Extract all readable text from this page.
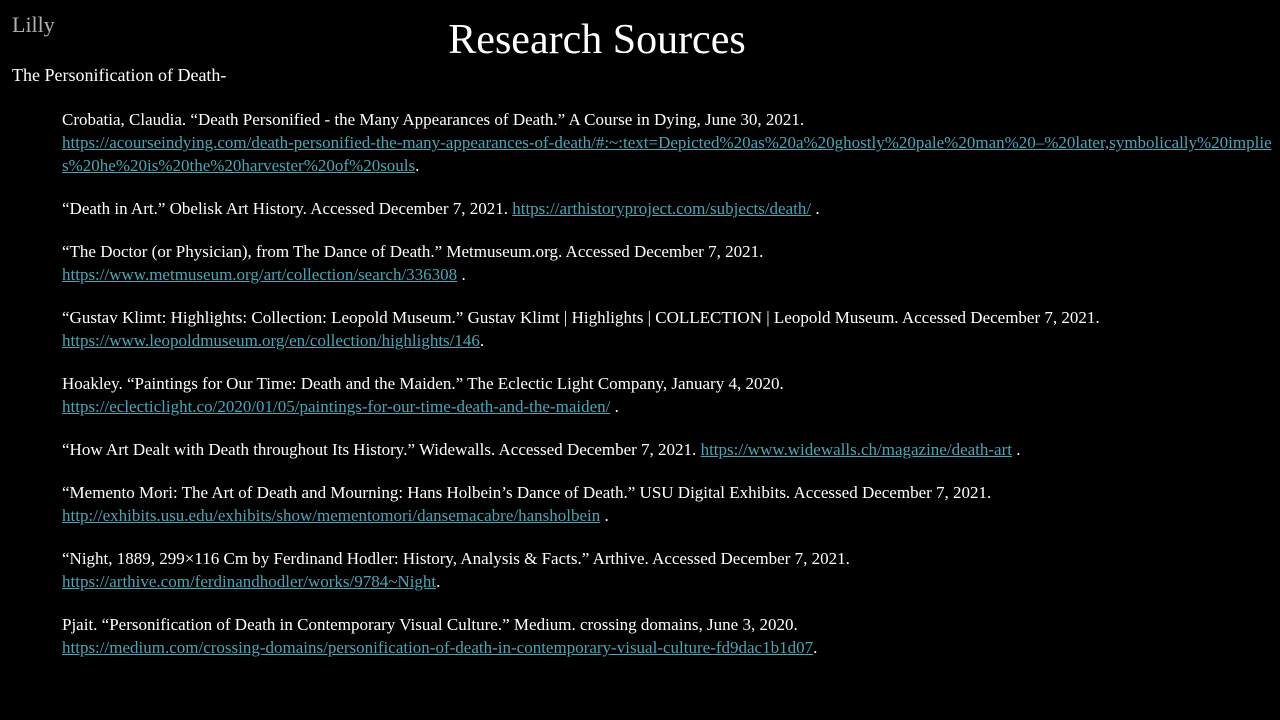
Lilly	Research Sources
The Personification of Death-
Crobatia, Claudia. “Death Personified - the Many Appearances of Death.” A Course in Dying, June 30, 2021.
https://acourseindying.com/death-personified-the-many-appearances-of-death/#:~:text=Depicted%20as%20a%20ghostly%20pale%20man%20–%20later,symbolically%20implies%20he%20is%20the%20harvester%20of%20souls.
“Death in Art.” Obelisk Art History. Accessed December 7, 2021. https://arthistoryproject.com/subjects/death/ .
“The Doctor (or Physician), from The Dance of Death.” Metmuseum.org. Accessed December 7, 2021.
https://www.metmuseum.org/art/collection/search/336308 .
“Gustav Klimt: Highlights: Collection: Leopold Museum.” Gustav Klimt | Highlights | COLLECTION | Leopold Museum. Accessed December 7, 2021.
https://www.leopoldmuseum.org/en/collection/highlights/146.
Hoakley. “Paintings for Our Time: Death and the Maiden.” The Eclectic Light Company, January 4, 2020.
https://eclecticlight.co/2020/01/05/paintings-for-our-time-death-and-the-maiden/ .
“How Art Dealt with Death throughout Its History.” Widewalls. Accessed December 7, 2021. https://www.widewalls.ch/magazine/death-art .
“Memento Mori: The Art of Death and Mourning: Hans Holbein’s Dance of Death.” USU Digital Exhibits. Accessed December 7, 2021.
http://exhibits.usu.edu/exhibits/show/mementomori/dansemacabre/hansholbein .
“Night, 1889, 299×116 Cm by Ferdinand Hodler: History, Analysis & Facts.” Arthive. Accessed December 7, 2021.
https://arthive.com/ferdinandhodler/works/9784~Night.
Pjait. “Personification of Death in Contemporary Visual Culture.” Medium. crossing domains, June 3, 2020.
https://medium.com/crossing-domains/personification-of-death-in-contemporary-visual-culture-fd9dac1b1d07.
